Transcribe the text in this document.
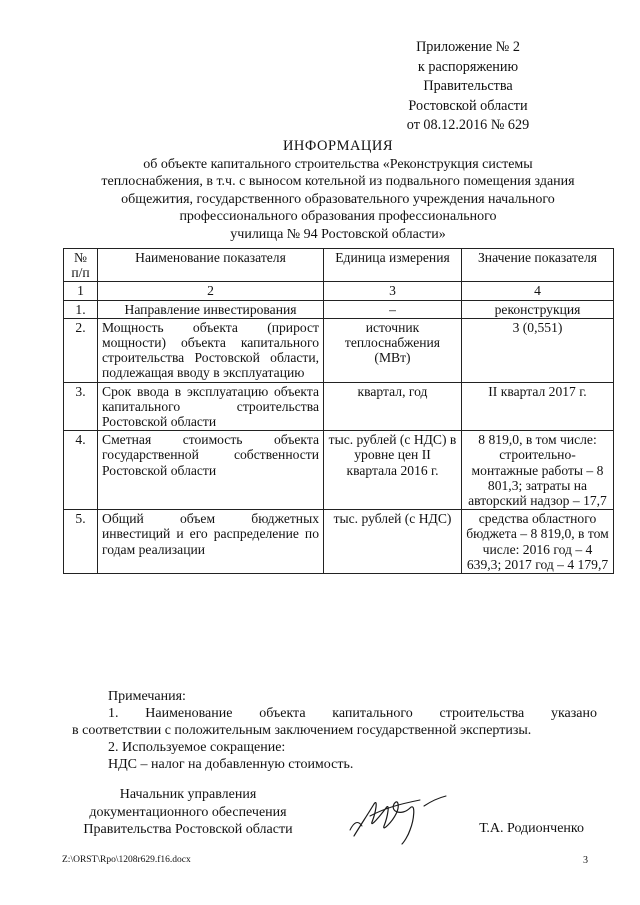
Приложение № 2
к распоряжению
Правительства
Ростовской области
от 08.12.2016 № 629
ИНФОРМАЦИЯ
об объекте капитального строительства «Реконструкция системы
теплоснабжения, в т.ч. с выносом котельной из подвального помещения здания
общежития, государственного образовательного учреждения начального
профессионального образования профессионального
училища № 94 Ростовской области»
№ п/п	Наименование показателя	Единица измерения	Значение показателя
1	2	3	4
1.	Направление инвестирования	–	реконструкция
2.	Мощность объекта (прирост мощности) объекта капитального строительства Ростовской области, подлежащая вводу в эксплуатацию	источник теплоснабжения (МВт)	3 (0,551)
3.	Срок ввода в эксплуатацию объекта капитального строительства Ростовской области	квартал, год	II квартал 2017 г.
4.	Сметная стоимость объекта государственной собственности Ростовской области	тыс. рублей (с НДС) в уровне цен II квартала 2016 г.	8 819,0, в том числе: строительно-монтажные работы – 8 801,3; затраты на авторский надзор – 17,7
5.	Общий объем бюджетных инвестиций и его распределение по годам реализации	тыс. рублей (с НДС)	средства областного бюджета – 8 819,0, в том числе: 2016 год – 4 639,3; 2017 год – 4 179,7
Примечания:
1. Наименование объекта капитального строительства указано
в соответствии с положительным заключением государственной экспертизы.
2. Используемое сокращение:
НДС – налог на добавленную стоимость.
Начальник управления
документационного обеспечения
Правительства Ростовской области	Т.А. Родионченко
Z:\ORST\Rpo\1208r629.f16.docx	3
